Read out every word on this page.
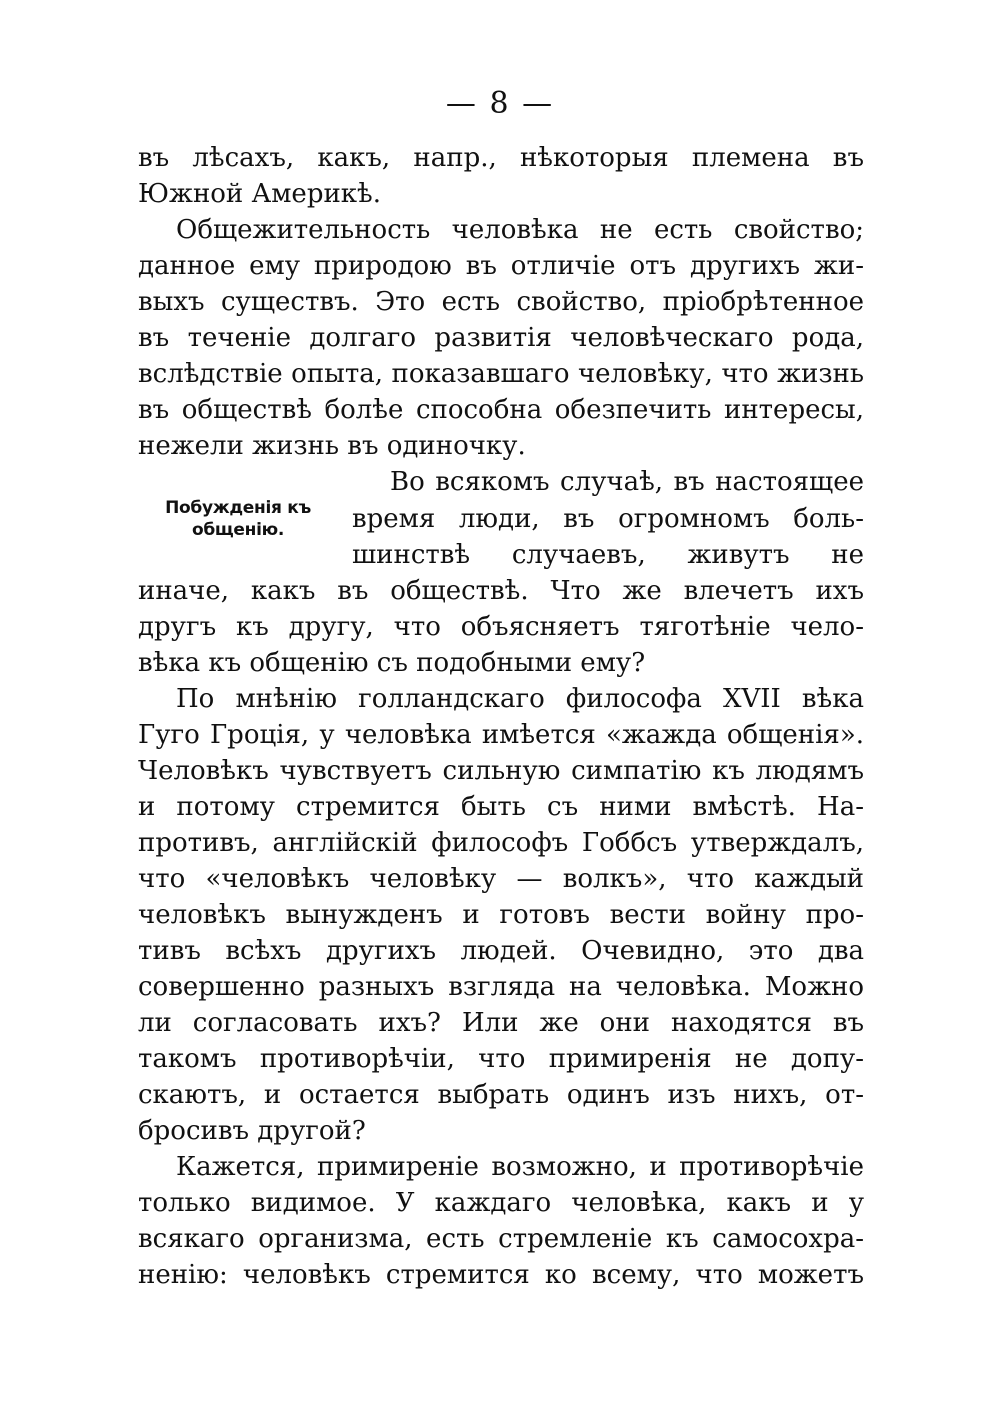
— 8 —
Побужденія къ
общенію.
въ лѣсахъ, какъ, напр., нѣкоторыя племена въ
Южной Америкѣ.
Общежительность человѣка не есть свойство;
данное ему природою въ отличіе отъ другихъ жи-
выхъ существъ. Это есть свойство, пріобрѣтенное
въ теченіе долгаго развитія человѣческаго рода,
вслѣдствіе опыта, показавшаго человѣку, что жизнь
въ обществѣ болѣе способна обезпечить интересы,
нежели жизнь въ одиночку.
Во всякомъ случаѣ, въ настоящее
время люди, въ огромномъ боль-
шинствѣ случаевъ, живутъ не
иначе, какъ въ обществѣ. Что же влечетъ ихъ
другъ къ другу, что объясняетъ тяготѣніе чело-
вѣка къ общенію съ подобными ему?
По мнѣнію голландскаго философа XVII вѣка
Гуго Гроція, у человѣка имѣется «жажда общенія».
Человѣкъ чувствуетъ сильную симпатію къ людямъ
и потому стремится быть съ ними вмѣстѣ. На-
противъ, англійскій философъ Гоббсъ утверждалъ,
что «человѣкъ человѣку — волкъ», что каждый
человѣкъ вынужденъ и готовъ вести войну про-
тивъ всѣхъ другихъ людей. Очевидно, это два
совершенно разныхъ взгляда на человѣка. Можно
ли согласовать ихъ? Или же они находятся въ
такомъ противорѣчіи, что примиренія не допу-
скаютъ, и остается выбрать одинъ изъ нихъ, от-
бросивъ другой?
Кажется, примиреніе возможно, и противорѣчіе
только видимое. У каждаго человѣка, какъ и у
всякаго организма, есть стремленіе къ самосохра-
ненію: человѣкъ стремится ко всему, что можетъ
